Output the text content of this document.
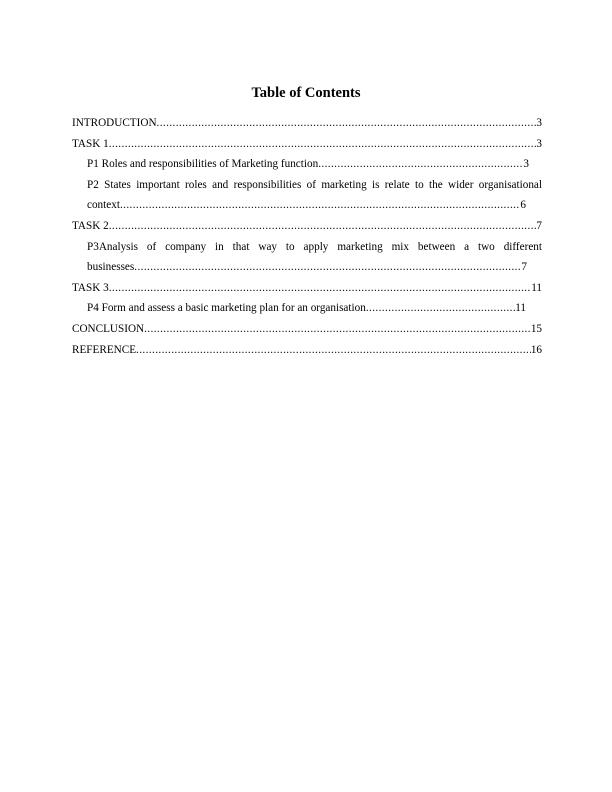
Table of Contents
INTRODUCTION .....	3
TASK 1 .....	3
P1 Roles and responsibilities of Marketing function .....	3
P2 States important roles and responsibilities of marketing is relate to the wider organisational
context .....	6
TASK 2 .....	7
P3Analysis of company in that way to apply marketing mix between a two different
businesses .....	7
TASK 3 .....	11
P4 Form and assess a basic marketing plan for an organisation .....	11
CONCLUSION .....	15
REFERENCE .....	16
